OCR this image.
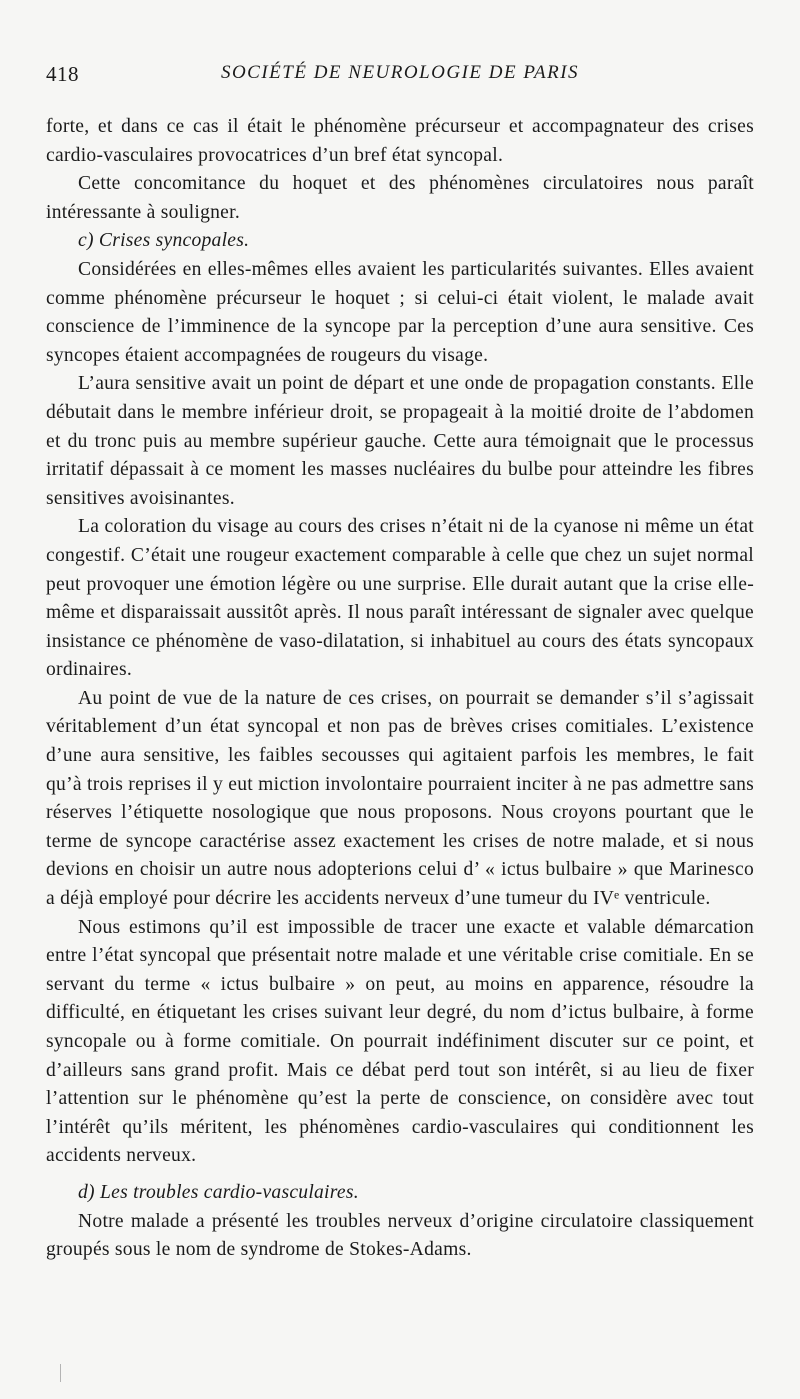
418	SOCIÉTÉ DE NEUROLOGIE DE PARIS

forte, et dans ce cas il était le phénomène précurseur et accompagnateur des crises cardio-vasculaires provocatrices d’un bref état syncopal.

Cette concomitance du hoquet et des phénomènes circulatoires nous paraît intéressante à souligner.

c) Crises syncopales.

Considérées en elles-mêmes elles avaient les particularités suivantes. Elles avaient comme phénomène précurseur le hoquet ; si celui-ci était violent, le malade avait conscience de l’imminence de la syncope par la perception d’une aura sensitive. Ces syncopes étaient accompagnées de rougeurs du visage.

L’aura sensitive avait un point de départ et une onde de propagation constants. Elle débutait dans le membre inférieur droit, se propageait à la moitié droite de l’abdomen et du tronc puis au membre supérieur gauche. Cette aura témoignait que le processus irritatif dépassait à ce moment les masses nucléaires du bulbe pour atteindre les fibres sensitives avoisinantes.

La coloration du visage au cours des crises n’était ni de la cyanose ni même un état congestif. C’était une rougeur exactement comparable à celle que chez un sujet normal peut provoquer une émotion légère ou une surprise. Elle durait autant que la crise elle-même et disparaissait aussitôt après. Il nous paraît intéressant de signaler avec quelque insistance ce phénomène de vaso-dilatation, si inhabituel au cours des états syncopaux ordinaires.

Au point de vue de la nature de ces crises, on pourrait se demander s’il s’agissait véritablement d’un état syncopal et non pas de brèves crises comitiales. L’existence d’une aura sensitive, les faibles secousses qui agitaient parfois les membres, le fait qu’à trois reprises il y eut miction involontaire pourraient inciter à ne pas admettre sans réserves l’étiquette nosologique que nous proposons. Nous croyons pourtant que le terme de syncope caractérise assez exactement les crises de notre malade, et si nous devions en choisir un autre nous adopterions celui d’ « ictus bulbaire » que Marinesco a déjà employé pour décrire les accidents nerveux d’une tumeur du IVᵉ ventricule.

Nous estimons qu’il est impossible de tracer une exacte et valable démarcation entre l’état syncopal que présentait notre malade et une véritable crise comitiale. En se servant du terme « ictus bulbaire » on peut, au moins en apparence, résoudre la difficulté, en étiquetant les crises suivant leur degré, du nom d’ictus bulbaire, à forme syncopale ou à forme comitiale. On pourrait indéfiniment discuter sur ce point, et d’ailleurs sans grand profit. Mais ce débat perd tout son intérêt, si au lieu de fixer l’attention sur le phénomène qu’est la perte de conscience, on considère avec tout l’intérêt qu’ils méritent, les phénomènes cardio-vasculaires qui conditionnent les accidents nerveux.

d) Les troubles cardio-vasculaires.

Notre malade a présenté les troubles nerveux d’origine circulatoire classiquement groupés sous le nom de syndrome de Stokes-Adams.
